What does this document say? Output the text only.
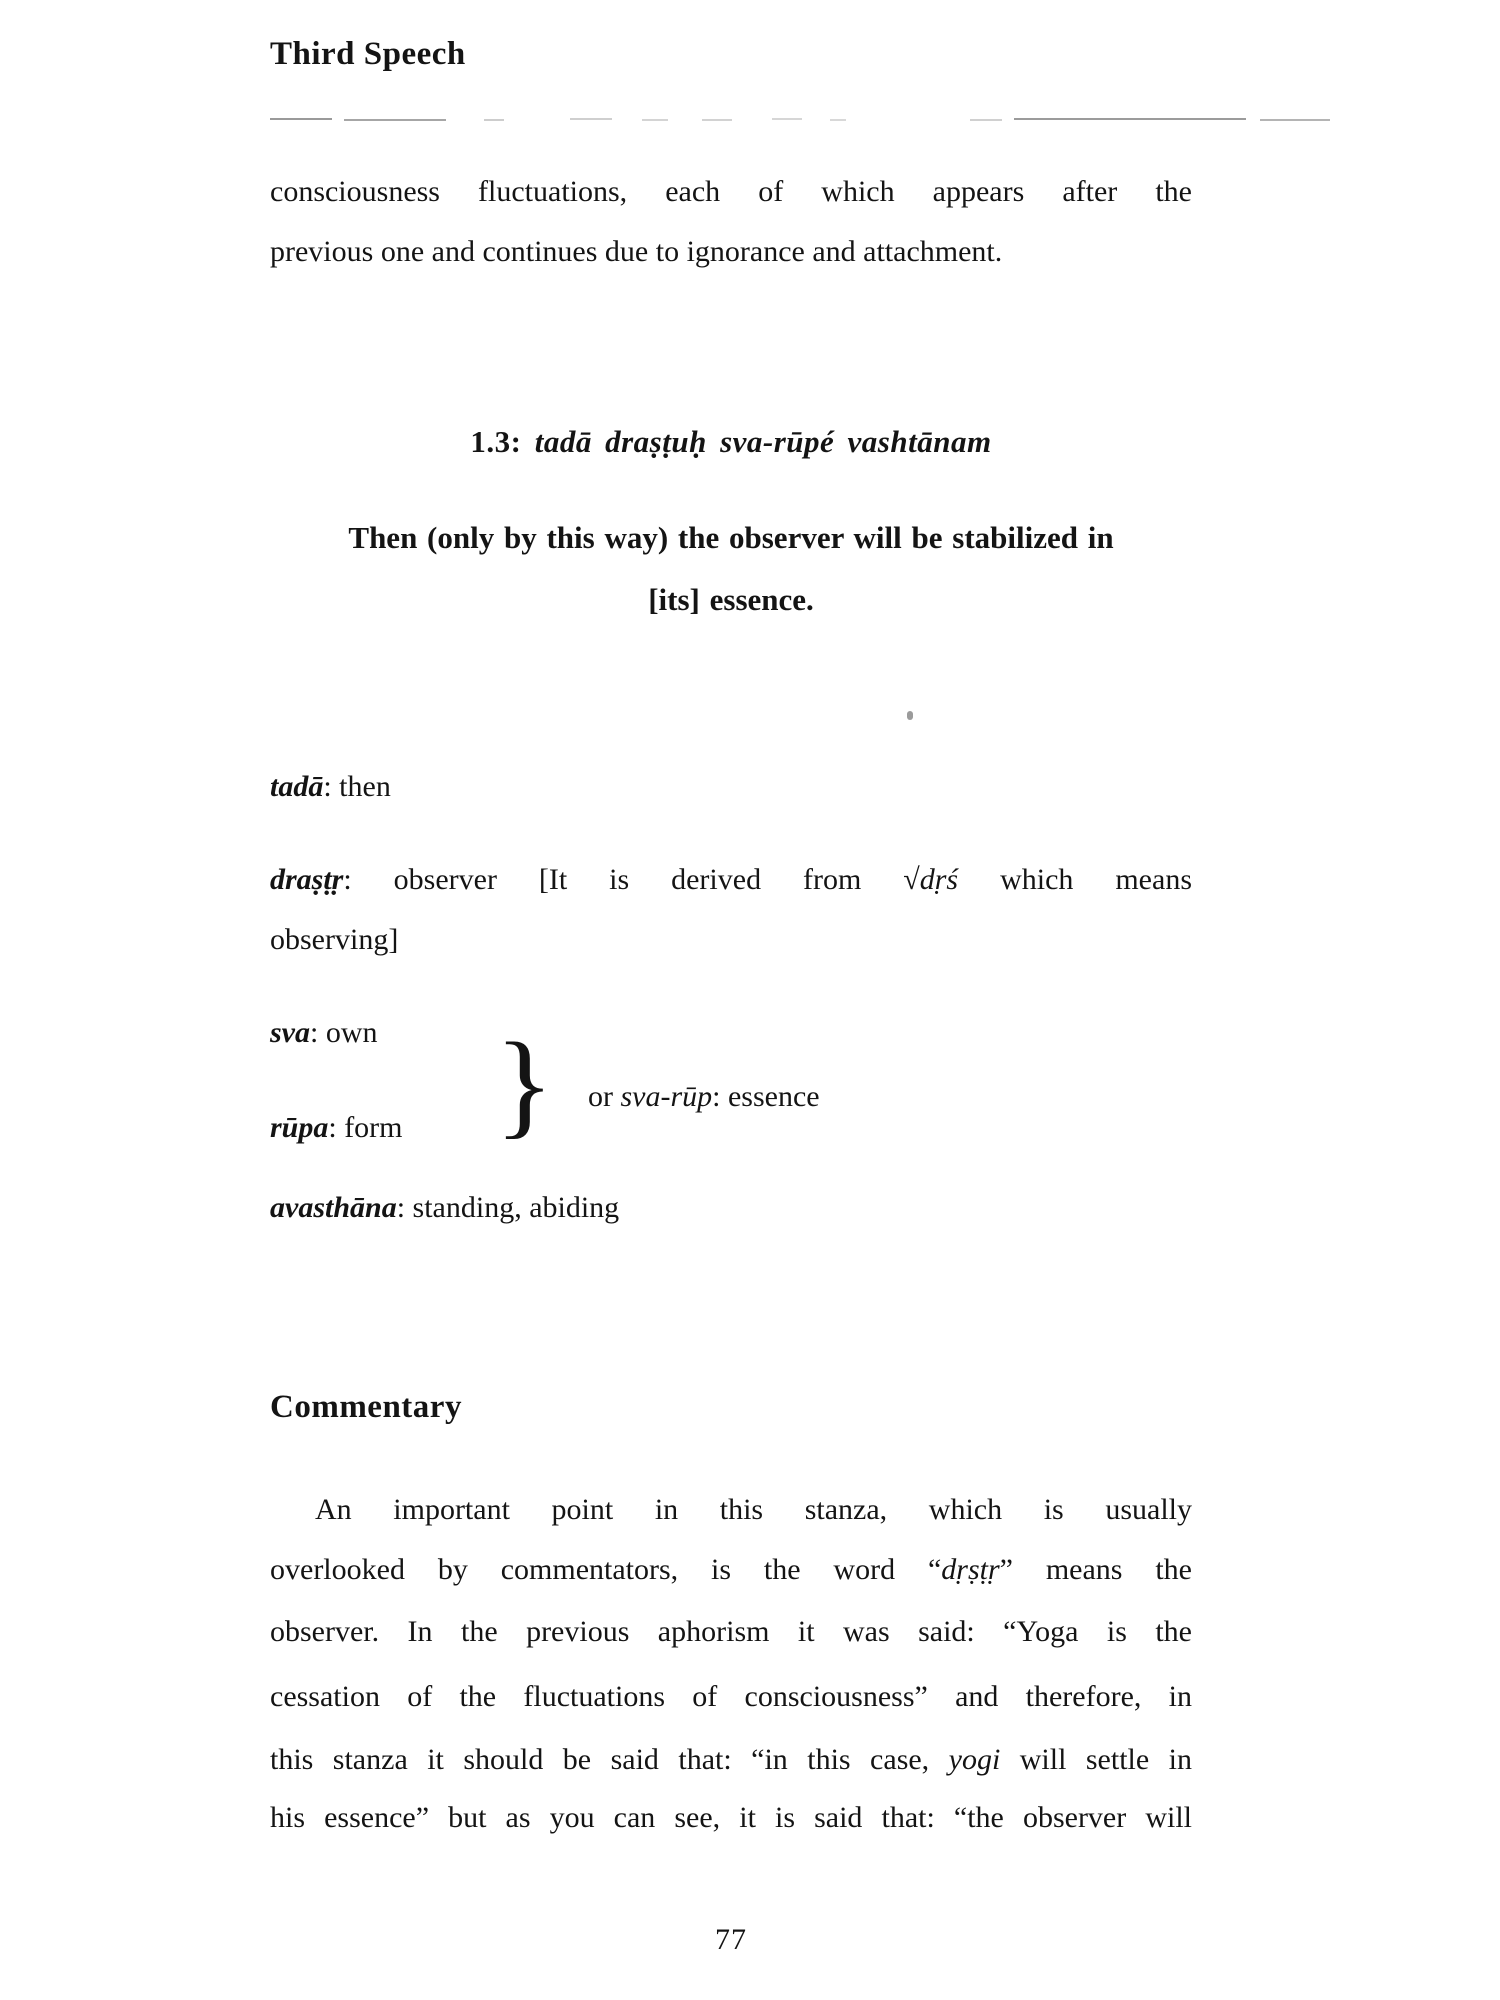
Third Speech
consciousness fluctuations, each of which appears after the
previous one and continues due to ignorance and attachment.
1.3: tadā draṣṭuḥ sva-rūpé vashtānam
Then (only by this way) the observer will be stabilized in
[its] essence.
tadā: then
draṣṭṛ: observer [It is derived from √dṛś which means
observing]
sva: own } or sva-rūp: essence
rūpa: form
avasthāna: standing, abiding
Commentary
An important point in this stanza, which is usually
overlooked by commentators, is the word “dṛṣṭṛ” means the
observer. In the previous aphorism it was said: “Yoga is the
cessation of the fluctuations of consciousness” and therefore, in
this stanza it should be said that: “in this case, yogi will settle in
his essence” but as you can see, it is said that: “the observer will
77
